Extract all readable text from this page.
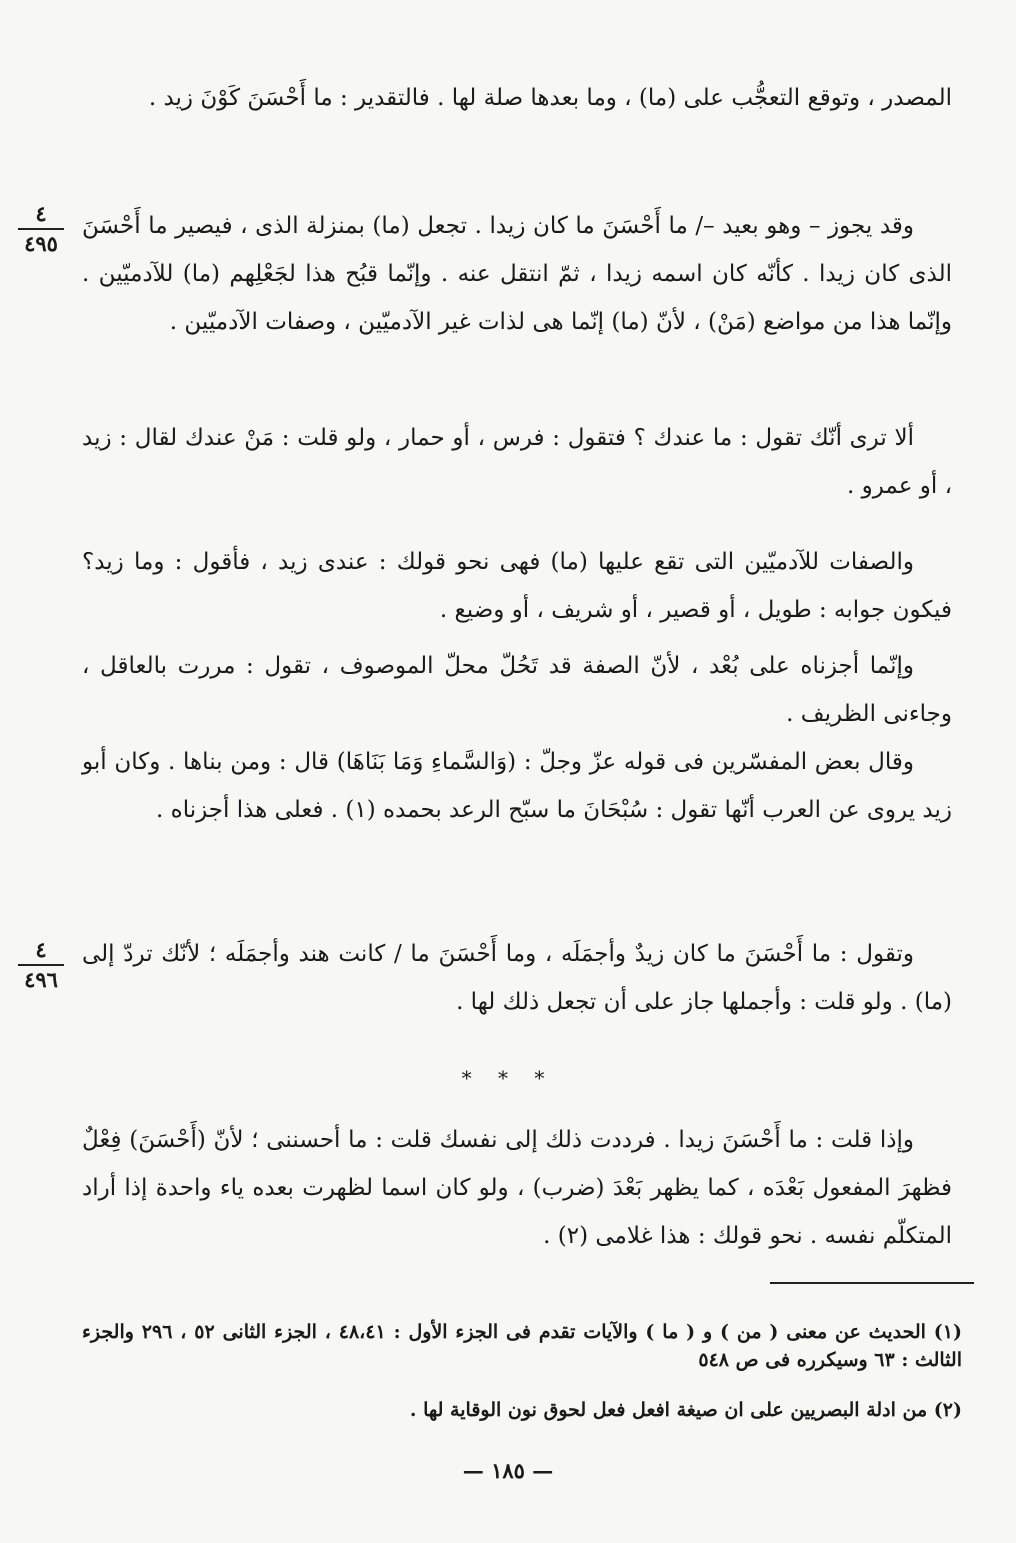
المصدر ، وتوقع التعجُّب على (ما) ، وما بعدها صلة لها . فالتقدير : ما أَحْسَنَ كَوْنَ زيد .
٤
٤٩٥
وقد يجوز – وهو بعيد –/ ما أَحْسَنَ ما كان زيدا . تجعل (ما) بمنزلة الذى ، فيصير ما أَحْسَنَ الذى كان زيدا . كأنّه كان اسمه زيدا ، ثمّ انتقل عنه . وإنّما قبُح هذا لجَعْلِهم (ما) للآدميّين . وإنّما هذا من مواضع (مَنْ) ، لأنّ (ما) إنّما هى لذات غير الآدميّين ، وصفات الآدميّين .
ألا ترى أنّك تقول : ما عندك ؟ فتقول : فرس ، أو حمار ، ولو قلت : مَنْ عندك لقال : زيد ، أو عمرو .
والصفات للآدميّين التى تقع عليها (ما) فهى نحو قولك : عندى زيد ، فأقول : وما زيد؟ فيكون جوابه : طويل ، أو قصير ، أو شريف ، أو وضيع .
وإنّما أجزناه على بُعْد ، لأنّ الصفة قد تَحُلّ محلّ الموصوف ، تقول : مررت بالعاقل ، وجاءنى الظريف .
وقال بعض المفسّرين فى قوله عزّ وجلّ : (وَالسَّماءِ وَمَا بَنَاهَا) قال : ومن بناها . وكان أبو زيد يروى عن العرب أنّها تقول : سُبْحَانَ ما سبّح الرعد بحمده (١) . فعلى هذا أجزناه .
٤
٤٩٦
وتقول : ما أَحْسَنَ ما كان زيدٌ وأجمَلَه ، وما أَحْسَنَ ما / كانت هند وأجمَلَه ؛ لأنّك تردّ إلى (ما) . ولو قلت : وأجملها جاز على أن تجعل ذلك لها .
* * *
وإذا قلت : ما أَحْسَنَ زيدا . فرددت ذلك إلى نفسك قلت : ما أحسننى ؛ لأنّ (أَحْسَنَ) فِعْلٌ فظهرَ المفعول بَعْدَه ، كما يظهر بَعْدَ (ضرب) ، ولو كان اسما لظهرت بعده ياء واحدة إذا أراد المتكلّم نفسه . نحو قولك : هذا غلامى (٢) .
(١) الحديث عن معنى ( من ) و ( ما ) والآيات تقدم فى الجزء الأول : ٤٨،٤١ ، الجزء الثانى ٥٢ ، ٢٩٦ والجزء الثالث : ٦٣ وسيكرره فى ص ٥٤٨
(٢) من ادلة البصريين على ان صيغة افعل فعل لحوق نون الوقاية لها .
— ١٨٥ —
